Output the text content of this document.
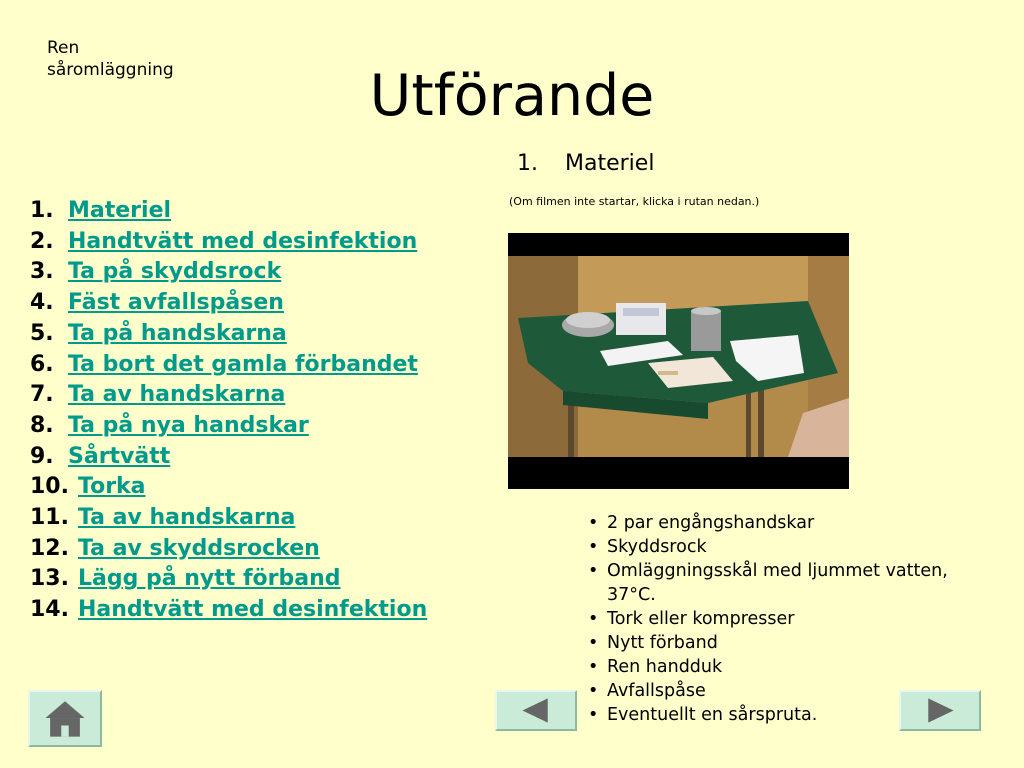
Ren såromläggning	Utförande
1. Materiel
2. Handtvätt med desinfektion
3. Ta på skyddsrock
4. Fäst avfallspåsen
5. Ta på handskarna
6. Ta bort det gamla förbandet
7. Ta av handskarna
8. Ta på nya handskar
9. Sårtvätt
10. Torka
11. Ta av handskarna
12. Ta av skyddsrocken
13. Lägg på nytt förband
14. Handtvätt med desinfektion
1. Materiel
(Om filmen inte startar, klicka i rutan nedan.)
• 2 par engångshandskar
• Skyddsrock
• Omläggningsskål med ljummet vatten, 37°C.
• Tork eller kompresser
• Nytt förband
• Ren handduk
• Avfallspåse
• Eventuellt en sårspruta.
